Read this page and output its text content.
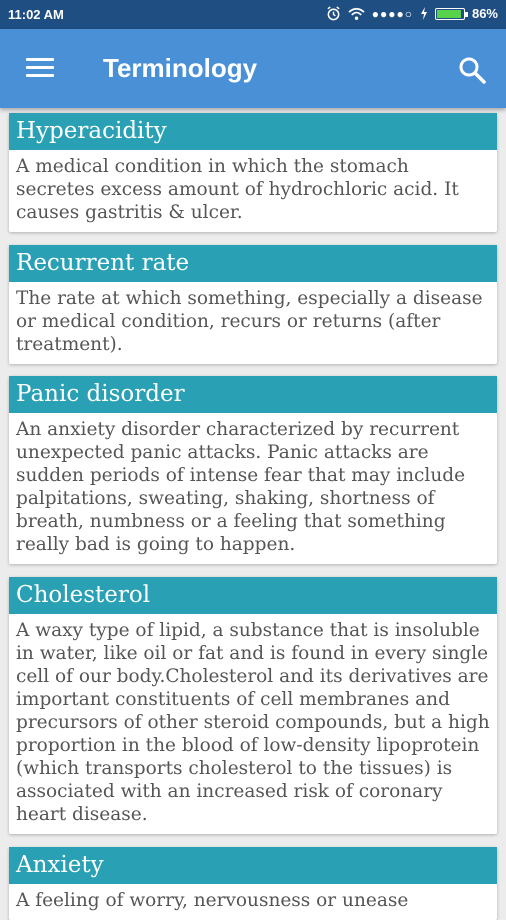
11:02 AM	●●●●○	86%
Terminology
Hyperacidity
A medical condition in which the stomach secretes excess amount of hydrochloric acid. It causes gastritis & ulcer.
Recurrent rate
The rate at which something, especially a disease or medical condition, recurs or returns (after treatment).
Panic disorder
An anxiety disorder characterized by recurrent unexpected panic attacks. Panic attacks are sudden periods of intense fear that may include palpitations, sweating, shaking, shortness of breath, numbness or a feeling that something really bad is going to happen.
Cholesterol
A waxy type of lipid, a substance that is insoluble in water, like oil or fat and is found in every single cell of our body.Cholesterol and its derivatives are important constituents of cell membranes and precursors of other steroid compounds, but a high proportion in the blood of low-density lipoprotein (which transports cholesterol to the tissues) is associated with an increased risk of coronary heart disease.
Anxiety
A feeling of worry, nervousness or unease
